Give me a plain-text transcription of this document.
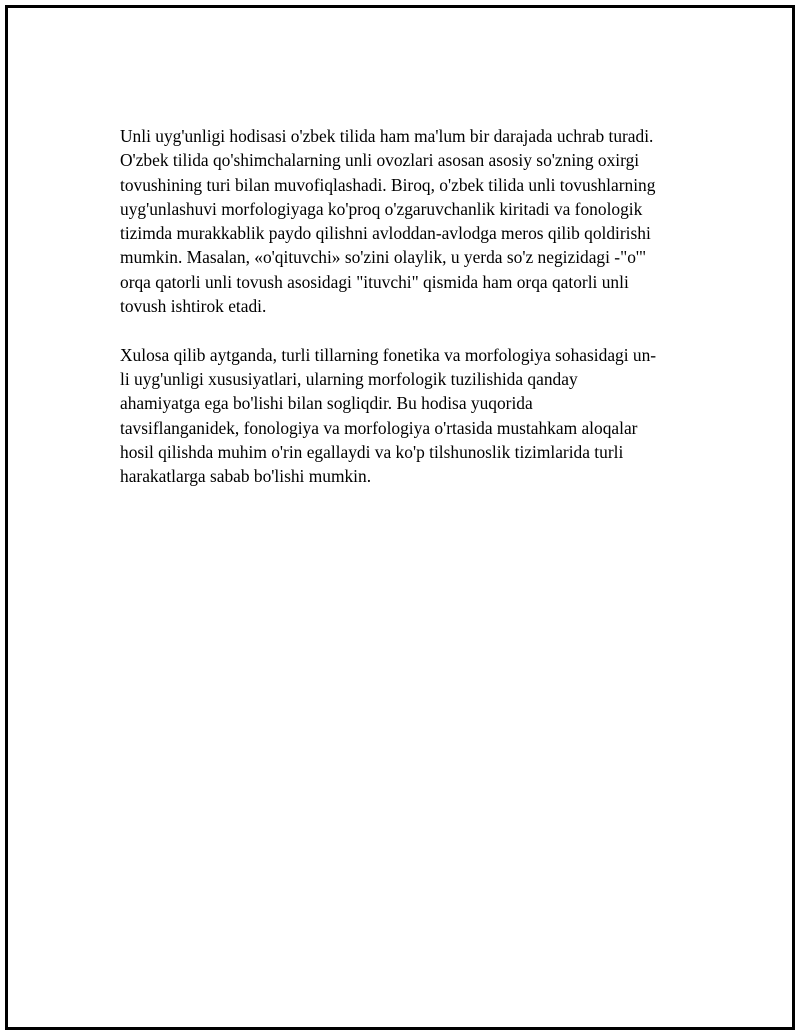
Unli uyg'unligi hodisasi o'zbek tilida ham ma'lum bir darajada uchrab turadi.
O'zbek tilida qo'shimchalarning unli ovozlari asosan asosiy so'zning oxirgi
tovushining turi bilan muvofiqlashadi. Biroq, o'zbek tilida unli tovushlarning
uyg'unlashuvi morfologiyaga ko'proq o'zgaruvchanlik kiritadi va fonologik
tizimda murakkablik paydo qilishni avloddan-avlodga meros qilib qoldirishi
mumkin. Masalan, «o'qituvchi» so'zini olaylik, u yerda so'z negizidagi -"o'"
orqa qatorli unli tovush asosidagi "ituvchi" qismida ham orqa qatorli unli
tovush ishtirok etadi.

Xulosa qilib aytganda, turli tillarning fonetika va morfologiya sohasidagi un-
li uyg'unligi xususiyatlari, ularning morfologik tuzilishida qanday
ahamiyatga ega bo'lishi bilan sogliqdir. Bu hodisa yuqorida
tavsiflanganidek, fonologiya va morfologiya o'rtasida mustahkam aloqalar
hosil qilishda muhim o'rin egallaydi va ko'p tilshunoslik tizimlarida turli
harakatlarga sabab bo'lishi mumkin.
